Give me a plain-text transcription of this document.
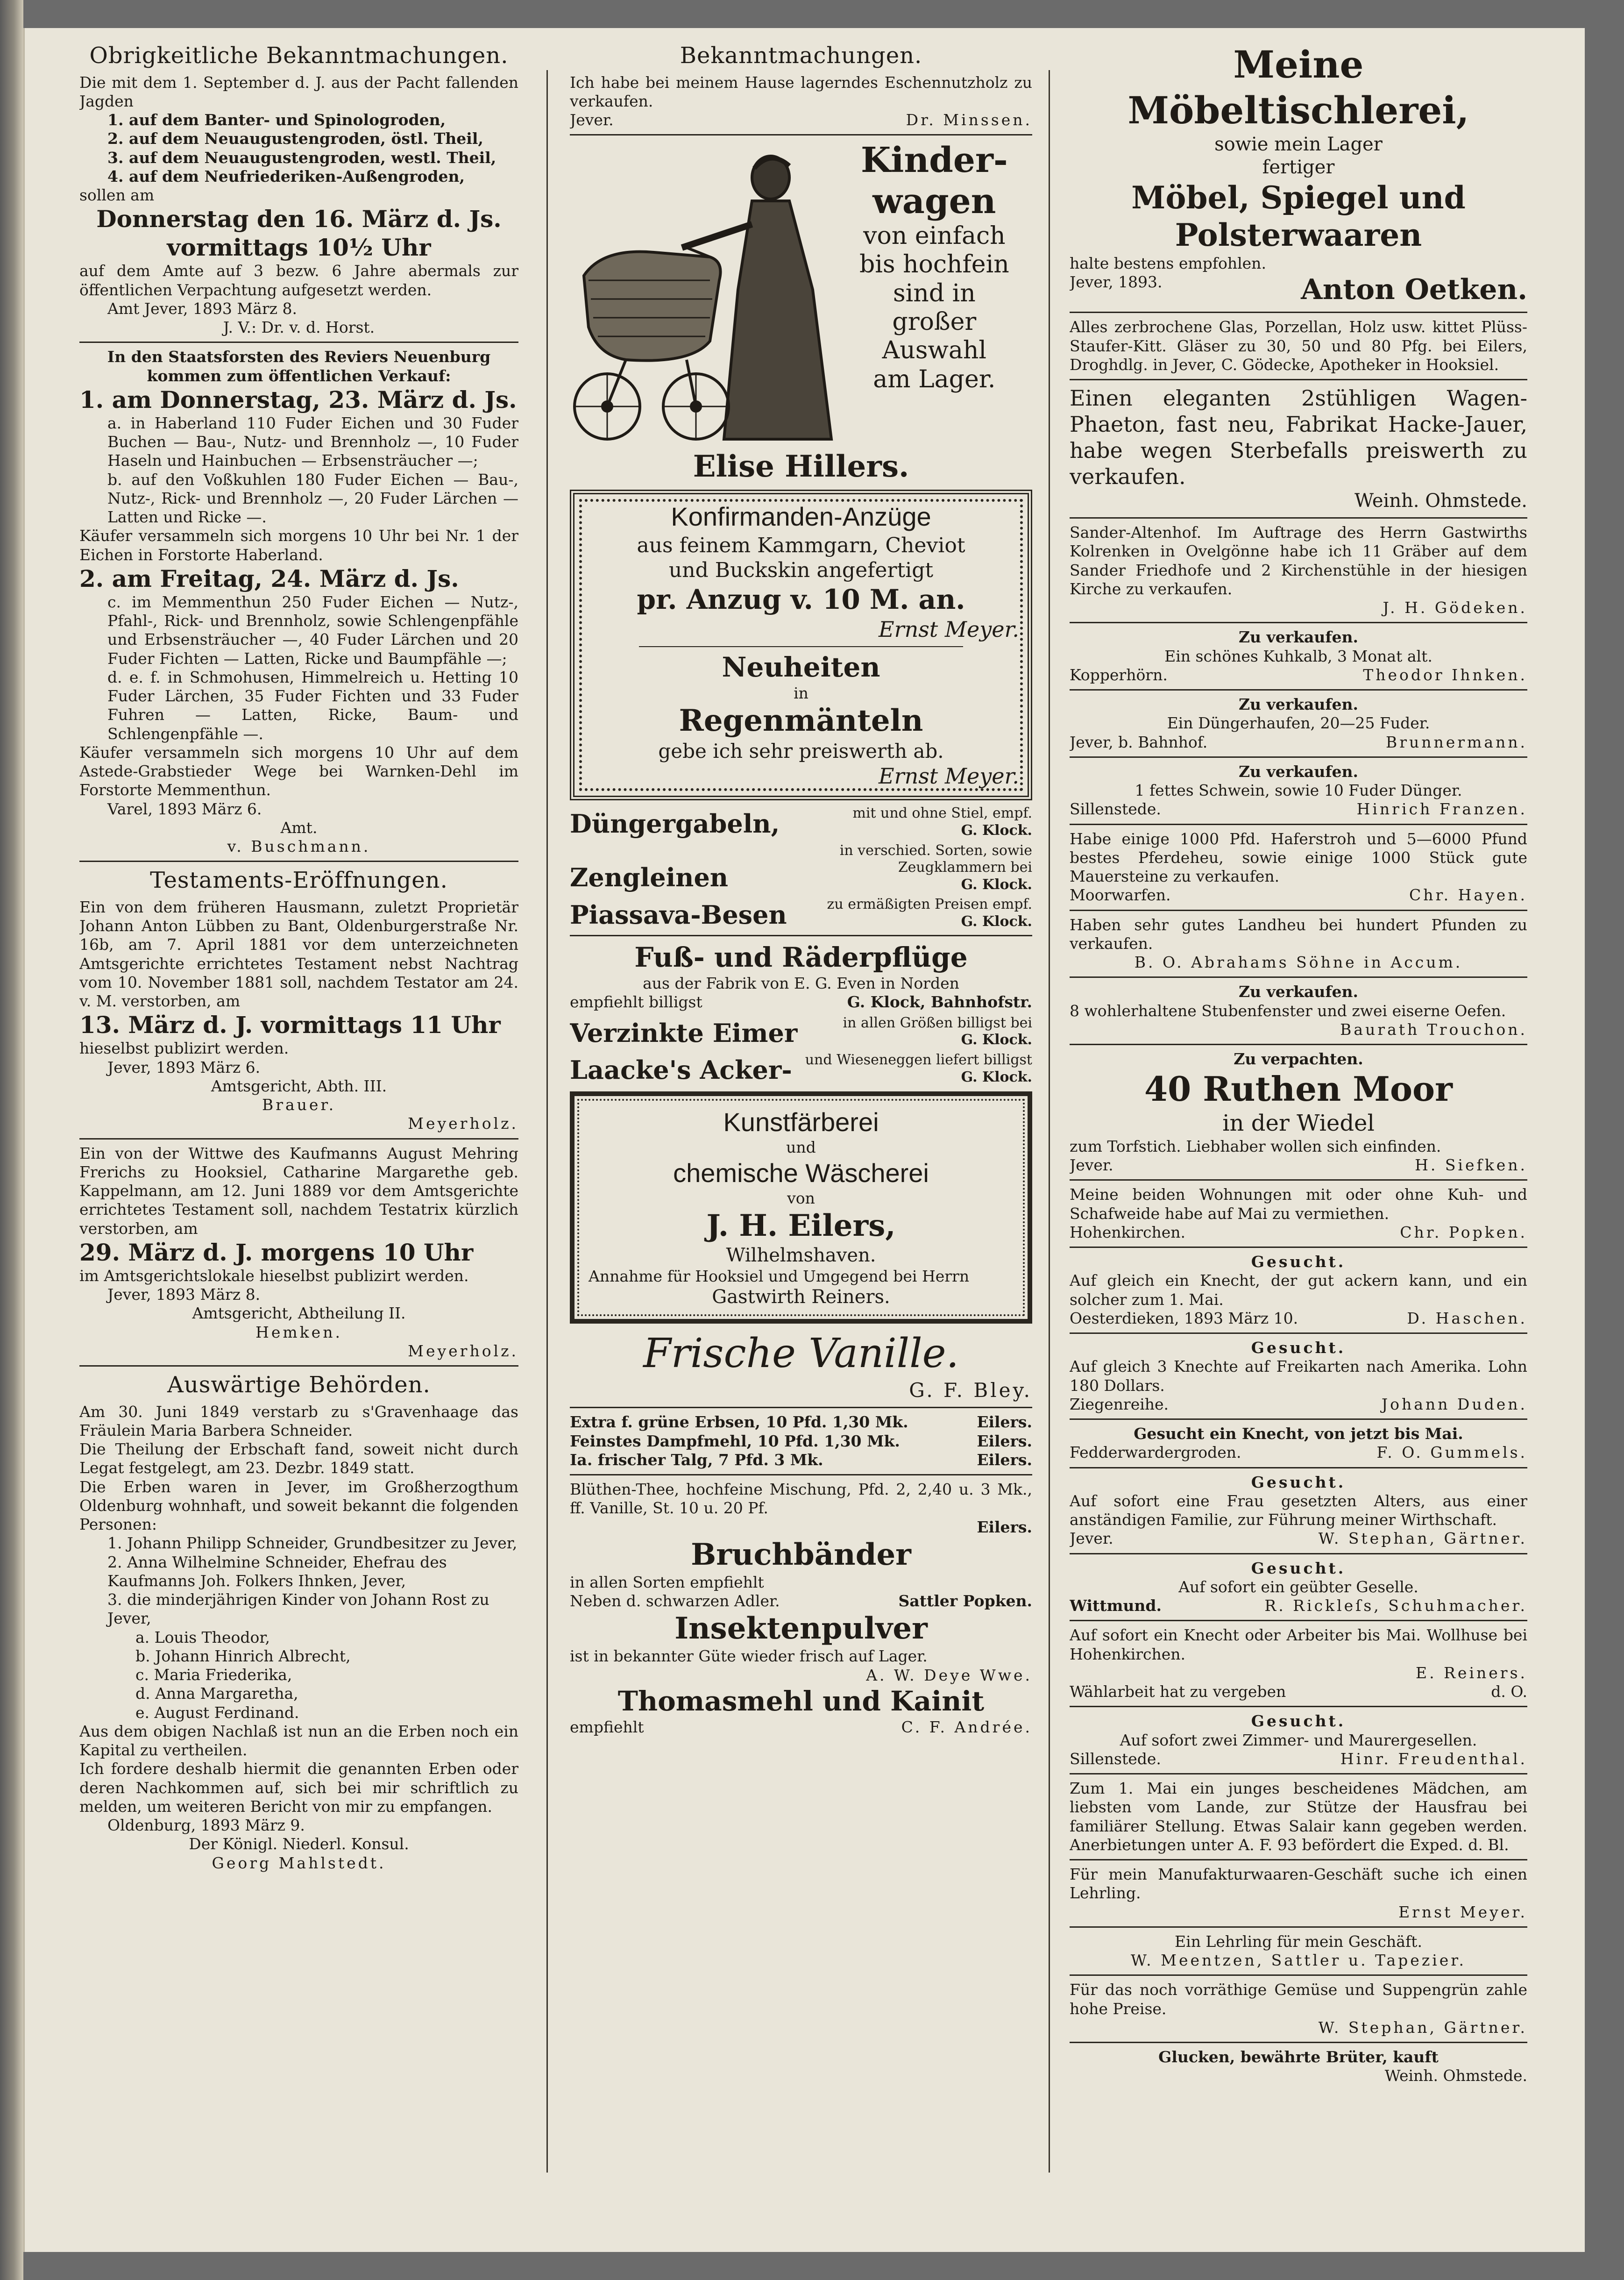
Obrigkeitliche Bekanntmachungen.

Die mit dem 1. September d. J. aus der Pacht fallenden Jagden

1. auf dem Banter- und Spinologroden,

2. auf dem Neuaugustengroden, östl. Theil,

3. auf dem Neuaugustengroden, westl. Theil,

4. auf dem Neufriederiken-Außengroden,

sollen am

Donnerstag den 16. März d. Js.

vormittags 10½ Uhr

auf dem Amte auf 3 bezw. 6 Jahre abermals zur öffentlichen Verpachtung aufgesetzt werden.

Amt Jever, 1893 März 8.

J. V.: Dr. v. d. Horst.

In den Staatsforsten des Reviers Neuenburg kommen zum öffentlichen Verkauf:

1. am Donnerstag, 23. März d. Js.

a. in Haberland 110 Fuder Eichen und 30 Fuder Buchen — Bau-, Nutz- und Brennholz —, 10 Fuder Haseln und Hainbuchen — Erbsensträucher —;

b. auf den Voßkuhlen 180 Fuder Eichen — Bau-, Nutz-, Rick- und Brennholz —, 20 Fuder Lärchen — Latten und Ricke —.

Käufer versammeln sich morgens 10 Uhr bei Nr. 1 der Eichen in Forstorte Haberland.

2. am Freitag, 24. März d. Js.

c. im Memmenthun 250 Fuder Eichen — Nutz-, Pfahl-, Rick- und Brennholz, sowie Schlengenpfähle und Erbsensträucher —, 40 Fuder Lärchen und 20 Fuder Fichten — Latten, Ricke und Baumpfähle —;

d. e. f. in Schmohusen, Himmelreich u. Hetting 10 Fuder Lärchen, 35 Fuder Fichten und 33 Fuder Fuhren — Latten, Ricke, Baum- und Schlengenpfähle —.

Käufer versammeln sich morgens 10 Uhr auf dem Astede-Grabstieder Wege bei Warnken-Dehl im Forstorte Memmenthun.

Varel, 1893 März 6.

Amt.

v. Buschmann.

Testaments-Eröffnungen.

Ein von dem früheren Hausmann, zuletzt Proprietär Johann Anton Lübben zu Bant, Oldenburgerstraße Nr. 16b, am 7. April 1881 vor dem unterzeichneten Amtsgerichte errichtetes Testament nebst Nachtrag vom 10. November 1881 soll, nachdem Testator am 24. v. M. verstorben, am

13. März d. J. vormittags 11 Uhr

hieselbst publizirt werden.

Jever, 1893 März 6.

Amtsgericht, Abth. III.

Brauer.

Meyerholz.

Ein von der Wittwe des Kaufmanns August Mehring Frerichs zu Hooksiel, Catharine Margarethe geb. Kappelmann, am 12. Juni 1889 vor dem Amtsgerichte errichtetes Testament soll, nachdem Testatrix kürzlich verstorben, am

29. März d. J. morgens 10 Uhr

im Amtsgerichtslokale hieselbst publizirt werden.

Jever, 1893 März 8.

Amtsgericht, Abtheilung II.

Hemken.

Meyerholz.

Auswärtige Behörden.

Am 30. Juni 1849 verstarb zu s'Gravenhaage das Fräulein Maria Barbera Schneider.

Die Theilung der Erbschaft fand, soweit nicht durch Legat festgelegt, am 23. Dezbr. 1849 statt.

Die Erben waren in Jever, im Großherzogthum Oldenburg wohnhaft, und soweit bekannt die folgenden Personen:

1. Johann Philipp Schneider, Grundbesitzer zu Jever,

2. Anna Wilhelmine Schneider, Ehefrau des Kaufmanns Joh. Folkers Ihnken, Jever,

3. die minderjährigen Kinder von Johann Rost zu Jever,

a. Louis Theodor,

b. Johann Hinrich Albrecht,

c. Maria Friederika,

d. Anna Margaretha,

e. August Ferdinand.

Aus dem obigen Nachlaß ist nun an die Erben noch ein Kapital zu vertheilen.

Ich fordere deshalb hiermit die genannten Erben oder deren Nachkommen auf, sich bei mir schriftlich zu melden, um weiteren Bericht von mir zu empfangen.

Oldenburg, 1893 März 9.

Der Königl. Niederl. Konsul.

Georg Mahlstedt.

Bekanntmachungen.

Ich habe bei meinem Hause lagerndes Eschennutzholz zu verkaufen.

Jever.	Dr. Minssen.
Kinder-
wagen
von einfach
bis hochfein
sind in
großer
Auswahl
am Lager.

Elise Hillers.

Konfirmanden-Anzüge

aus feinem Kammgarn, Cheviot

und Buckskin angefertigt

pr. Anzug v. 10 M. an.

Ernst Meyer.

Neuheiten

in

Regenmänteln

gebe ich sehr preiswerth ab.

Ernst Meyer.

Düngergabeln,	mit und ohne Stiel, empf.
G. Klock.
Zengleinen
in verschied. Sorten, sowie Zeugklammern bei
G. Klock.
Piassava-Besen	zu ermäßigten Preisen empf.
G. Klock.

Fuß- und Räderpflüge

aus der Fabrik von E. G. Even in Norden

empfiehlt billigst	G. Klock, Bahnhofstr.
Verzinkte Eimer	in allen Größen billigst bei
G. Klock.
Laacke's Acker- und Wieseneggen liefert billigst
G. Klock.

Kunstfärberei

und

chemische Wäscherei

von

J. H. Eilers,

Wilhelmshaven.

Annahme für Hooksiel und Umgegend bei Herrn

Gastwirth Reiners.

Frische Vanille.

G. F. Bley.

Extra f. grüne Erbsen, 10 Pfd. 1,30 Mk.	Eilers.
Feinstes Dampfmehl, 10 Pfd. 1,30 Mk.	Eilers.
Ia. frischer Talg, 7 Pfd. 3 Mk.	Eilers.

Blüthen-Thee, hochfeine Mischung, Pfd. 2, 2,40 u. 3 Mk., ff. Vanille, St. 10 u. 20 Pf.

Eilers.

Bruchbänder

in allen Sorten empfiehlt

Neben d. schwarzen Adler.	Sattler Popken.

Insektenpulver

ist in bekannter Güte wieder frisch auf Lager.

A. W. Deye Wwe.

Thomasmehl und Kainit

empfiehlt	C. F. Andrée.

Meine Möbeltischlerei,

sowie mein Lager

fertiger

Möbel, Spiegel und

Polsterwaaren

halte bestens empfohlen.

Jever, 1893.	Anton Oetken.

Alles zerbrochene Glas, Porzellan, Holz usw. kittet Plüss-Staufer-Kitt. Gläser zu 30, 50 und 80 Pfg. bei Eilers, Droghdlg. in Jever, C. Gödecke, Apotheker in Hooksiel.

Einen eleganten 2stühligen Wagen-Phaeton, fast neu, Fabrikat Hacke-Jauer, habe wegen Sterbefalls preiswerth zu verkaufen.

Weinh. Ohmstede.

Sander-Altenhof. Im Auftrage des Herrn Gastwirths Kolrenken in Ovelgönne habe ich 11 Gräber auf dem Sander Friedhofe und 2 Kirchenstühle in der hiesigen Kirche zu verkaufen.

J. H. Gödeken.

Zu verkaufen.

Ein schönes Kuhkalb, 3 Monat alt.

Kopperhörn.	Theodor Ihnken.

Zu verkaufen.

Ein Düngerhaufen, 20—25 Fuder.

Jever, b. Bahnhof.	Brunnermann.

Zu verkaufen.

1 fettes Schwein, sowie 10 Fuder Dünger.

Sillenstede.	Hinrich Franzen.

Habe einige 1000 Pfd. Haferstroh und 5—6000 Pfund bestes Pferdeheu, sowie einige 1000 Stück gute Mauersteine zu verkaufen.

Moorwarfen.	Chr. Hayen.

Haben sehr gutes Landheu bei hundert Pfunden zu verkaufen.

B. O. Abrahams Söhne in Accum.

Zu verkaufen.

8 wohlerhaltene Stubenfenster und zwei eiserne Oefen.

Baurath Trouchon.

Zu verpachten.

40 Ruthen Moor

in der Wiedel

zum Torfstich. Liebhaber wollen sich einfinden.

Jever.	H. Siefken.

Meine beiden Wohnungen mit oder ohne Kuh- und Schafweide habe auf Mai zu vermiethen.

Hohenkirchen.	Chr. Popken.

Gesucht.

Auf gleich ein Knecht, der gut ackern kann, und ein solcher zum 1. Mai.

Oesterdieken, 1893 März 10.	D. Haschen.

Gesucht.

Auf gleich 3 Knechte auf Freikarten nach Amerika. Lohn 180 Dollars.

Ziegenreihe.	Johann Duden.

Gesucht ein Knecht, von jetzt bis Mai.

Fedderwardergroden.	F. O. Gummels.

Gesucht.

Auf sofort eine Frau gesetzten Alters, aus einer anständigen Familie, zur Führung meiner Wirthschaft.

Jever.	W. Stephan, Gärtner.

Gesucht.

Auf sofort ein geübter Geselle.

Wittmund.	R. Rickleſs, Schuhmacher.

Auf sofort ein Knecht oder Arbeiter bis Mai. Wollhuse bei Hohenkirchen.

E. Reiners.

Wählarbeit hat zu vergeben	d. O.

Gesucht.

Auf sofort zwei Zimmer- und Maurergesellen.

Sillenstede.	Hinr. Freudenthal.

Zum 1. Mai ein junges bescheidenes Mädchen, am liebsten vom Lande, zur Stütze der Hausfrau bei familiärer Stellung. Etwas Salair kann gegeben werden. Anerbietungen unter A. F. 93 befördert die Exped. d. Bl.

Für mein Manufakturwaaren-Geschäft suche ich einen Lehrling.

Ernst Meyer.

Ein Lehrling für mein Geschäft.

W. Meentzen, Sattler u. Tapezier.

Für das noch vorräthige Gemüse und Suppengrün zahle hohe Preise.

W. Stephan, Gärtner.

Glucken, bewährte Brüter, kauft

Weinh. Ohmstede.
